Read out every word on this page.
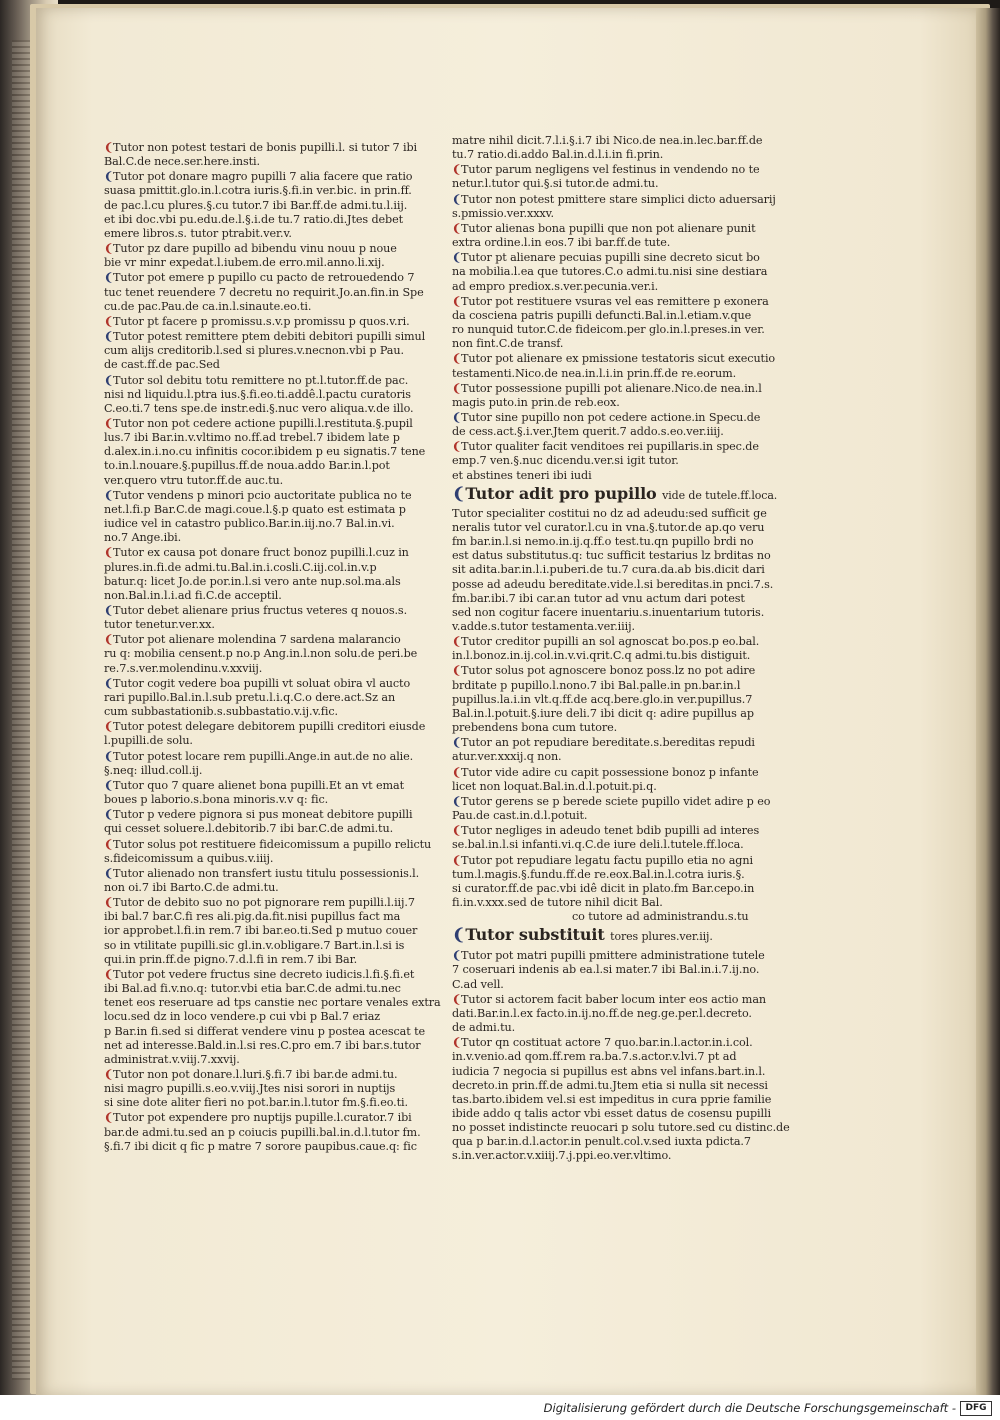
❨Tutor non potest testari de bonis pupilli.l. si tutor 7 ibi
Bal.C.de nece.ser.here.insti.
❨Tutor pot donare magro pupilli 7 alia facere que ratio
suasa pmittit.glo.in.l.cotra iuris.§.fi.in ver.bic. in prin.ff.
de pac.l.cu plures.§.cu tutor.7 ibi Bar.ff.de admi.tu.l.iij.
et ibi doc.vbi pu.edu.de.l.§.i.de tu.7 ratio.di.Jtes debet
emere libros.s. tutor ptrabit.ver.v.
❨Tutor pz dare pupillo ad bibendu vinu nouu p noue
bie vr minr expedat.l.iubem.de erro.mil.anno.li.xij.
❨Tutor pot emere p pupillo cu pacto de retrouedendo 7
tuc tenet reuendere 7 decretu no requirit.Jo.an.fin.in Spe
cu.de pac.Pau.de ca.in.l.sinaute.eo.ti.
❨Tutor pt facere p promissu.s.v.p promissu p quos.v.ri.
❨Tutor potest remittere ptem debiti debitori pupilli simul
cum alijs creditorib.l.sed si plures.v.necnon.vbi p Pau.
de cast.ff.de pac.Sed
❨Tutor sol debitu totu remittere no pt.l.tutor.ff.de pac.
nisi nd liquidu.l.ptra ius.§.fi.eo.ti.addê.l.pactu curatoris
C.eo.ti.7 tens spe.de instr.edi.§.nuc vero aliqua.v.de illo.
❨Tutor non pot cedere actione pupilli.l.restituta.§.pupil
lus.7 ibi Bar.in.v.vltimo no.ff.ad trebel.7 ibidem late p
d.alex.in.i.no.cu infinitis cocor.ibidem p eu signatis.7 tene
to.in.l.nouare.§.pupillus.ff.de noua.addo Bar.in.l.pot
ver.quero vtru tutor.ff.de auc.tu.
❨Tutor vendens p minori pcio auctoritate publica no te
net.l.fi.p Bar.C.de magi.coue.l.§.p quato est estimata p
iudice vel in catastro publico.Bar.in.iij.no.7 Bal.in.vi.
no.7 Ange.ibi.
❨Tutor ex causa pot donare fruct bonoz pupilli.l.cuz in
plures.in.fi.de admi.tu.Bal.in.i.cosli.C.iij.col.in.v.p
batur.q: licet Jo.de por.in.l.si vero ante nup.sol.ma.als
non.Bal.in.l.i.ad fi.C.de acceptil.
❨Tutor debet alienare prius fructus veteres q nouos.s.
tutor tenetur.ver.xx.
❨Tutor pot alienare molendina 7 sardena malarancio
ru q: mobilia censent.p no.p Ang.in.l.non solu.de peri.be
re.7.s.ver.molendinu.v.xxviij.
❨Tutor cogit vedere boa pupilli vt soluat obira vl aucto
rari pupillo.Bal.in.l.sub pretu.l.i.q.C.o dere.act.Sz an
cum subbastationib.s.subbastatio.v.ij.v.fic.
❨Tutor potest delegare debitorem pupilli creditori eiusde
l.pupilli.de solu.
❨Tutor potest locare rem pupilli.Ange.in aut.de no alie.
§.neq: illud.coll.ij.
❨Tutor quo 7 quare alienet bona pupilli.Et an vt emat
boues p laborio.s.bona minoris.v.v q: fic.
❨Tutor p vedere pignora si pus moneat debitore pupilli
qui cesset soluere.l.debitorib.7 ibi bar.C.de admi.tu.
❨Tutor solus pot restituere fideicomissum a pupillo relictu
s.fideicomissum a quibus.v.iiij.
❨Tutor alienado non transfert iustu titulu possessionis.l.
non oi.7 ibi Barto.C.de admi.tu.
❨Tutor de debito suo no pot pignorare rem pupilli.l.iij.7
ibi bal.7 bar.C.fi res ali.pig.da.fit.nisi pupillus fact ma
ior approbet.l.fi.in rem.7 ibi bar.eo.ti.Sed p mutuo couer
so in vtilitate pupilli.sic gl.in.v.obligare.7 Bart.in.l.si is
qui.in prin.ff.de pigno.7.d.l.fi in rem.7 ibi Bar.
❨Tutor pot vedere fructus sine decreto iudicis.l.fi.§.fi.et
ibi Bal.ad fi.v.no.q: tutor.vbi etia bar.C.de admi.tu.nec
tenet eos reseruare ad tps canstie nec portare venales extra
locu.sed dz in loco vendere.p cui vbi p Bal.7 eriaz
p Bar.in fi.sed si differat vendere vinu p postea acescat te
net ad interesse.Bald.in.l.si res.C.pro em.7 ibi bar.s.tutor
administrat.v.viij.7.xxvij.
❨Tutor non pot donare.l.luri.§.fi.7 ibi bar.de admi.tu.
nisi magro pupilli.s.eo.v.viij.Jtes nisi sorori in nuptijs
si sine dote aliter fieri no pot.bar.in.l.tutor fm.§.fi.eo.ti.
❨Tutor pot expendere pro nuptijs pupille.l.curator.7 ibi
bar.de admi.tu.sed an p coiucis pupilli.bal.in.d.l.tutor fm.
§.fi.7 ibi dicit q fic p matre 7 sorore paupibus.caue.q: fic
matre nihil dicit.7.l.i.§.i.7 ibi Nico.de nea.in.lec.bar.ff.de
tu.7 ratio.di.addo Bal.in.d.l.i.in fi.prin.
❨Tutor parum negligens vel festinus in vendendo no te
netur.l.tutor qui.§.si tutor.de admi.tu.
❨Tutor non potest pmittere stare simplici dicto aduersarij
s.pmissio.ver.xxxv.
❨Tutor alienas bona pupilli que non pot alienare punit
extra ordine.l.in eos.7 ibi bar.ff.de tute.
❨Tutor pt alienare pecuias pupilli sine decreto sicut bo
na mobilia.l.ea que tutores.C.o admi.tu.nisi sine destiara
ad empro prediox.s.ver.pecunia.ver.i.
❨Tutor pot restituere vsuras vel eas remittere p exonera
da cosciena patris pupilli defuncti.Bal.in.l.etiam.v.que
ro nunquid tutor.C.de fideicom.per glo.in.l.preses.in ver.
non fint.C.de transf.
❨Tutor pot alienare ex pmissione testatoris sicut executio
testamenti.Nico.de nea.in.l.i.in prin.ff.de re.eorum.
❨Tutor possessione pupilli pot alienare.Nico.de nea.in.l
magis puto.in prin.de reb.eox.
❨Tutor sine pupillo non pot cedere actione.in Specu.de
de cess.act.§.i.ver.Jtem querit.7 addo.s.eo.ver.iiij.
❨Tutor qualiter facit venditoes rei pupillaris.in spec.de
emp.7 ven.§.nuc dicendu.ver.si igit tutor.
et abstines teneri ibi iudi
❨Tutor adit pro pupillo vide de tutele.ff.loca.
Tutor specialiter costitui no dz ad adeudu:sed sufficit ge
neralis tutor vel curator.l.cu in vna.§.tutor.de ap.qo veru
fm bar.in.l.si nemo.in.ij.q.ff.o test.tu.qn pupillo brdi no
est datus substitutus.q: tuc sufficit testarius lz brditas no
sit adita.bar.in.l.i.puberi.de tu.7 cura.da.ab bis.dicit dari
posse ad adeudu bereditate.vide.l.si bereditas.in pnci.7.s.
fm.bar.ibi.7 ibi car.an tutor ad vnu actum dari potest
sed non cogitur facere inuentariu.s.inuentarium tutoris.
v.adde.s.tutor testamenta.ver.iiij.
❨Tutor creditor pupilli an sol agnoscat bo.pos.p eo.bal.
in.l.bonoz.in.ij.col.in.v.vi.qrit.C.q admi.tu.bis distiguit.
❨Tutor solus pot agnoscere bonoz poss.lz no pot adire
brditate p pupillo.l.nono.7 ibi Bal.palle.in pn.bar.in.l
pupillus.la.i.in vlt.q.ff.de acq.bere.glo.in ver.pupillus.7
Bal.in.l.potuit.§.iure deli.7 ibi dicit q: adire pupillus ap
prebendens bona cum tutore.
❨Tutor an pot repudiare bereditate.s.bereditas repudi
atur.ver.xxxij.q non.
❨Tutor vide adire cu capit possessione bonoz p infante
licet non loquat.Bal.in.d.l.potuit.pi.q.
❨Tutor gerens se p berede sciete pupillo videt adire p eo
Pau.de cast.in.d.l.potuit.
❨Tutor negliges in adeudo tenet bdib pupilli ad interes
se.bal.in.l.si infanti.vi.q.C.de iure deli.l.tutele.ff.loca.
❨Tutor pot repudiare legatu factu pupillo etia no agni
tum.l.magis.§.fundu.ff.de re.eox.Bal.in.l.cotra iuris.§.
si curator.ff.de pac.vbi idê dicit in plato.fm Bar.cepo.in
fi.in.v.xxx.sed de tutore nihil dicit Bal.
co tutore ad administrandu.s.tu
❨Tutor substituit tores plures.ver.iij.
❨Tutor pot matri pupilli pmittere administratione tutele
7 coseruari indenis ab ea.l.si mater.7 ibi Bal.in.i.7.ij.no.
C.ad vell.
❨Tutor si actorem facit baber locum inter eos actio man
dati.Bar.in.l.ex facto.in.ij.no.ff.de neg.ge.per.l.decreto.
de admi.tu.
❨Tutor qn costituat actore 7 quo.bar.in.l.actor.in.i.col.
in.v.venio.ad qom.ff.rem ra.ba.7.s.actor.v.lvi.7 pt ad
iudicia 7 negocia si pupillus est abns vel infans.bart.in.l.
decreto.in prin.ff.de admi.tu.Jtem etia si nulla sit necessi
tas.barto.ibidem vel.si est impeditus in cura pprie familie
ibide addo q talis actor vbi esset datus de cosensu pupilli
no posset indistincte reuocari p solu tutore.sed cu distinc.de
qua p bar.in.d.l.actor.in penult.col.v.sed iuxta pdicta.7
s.in.ver.actor.v.xiiij.7.j.ppi.eo.ver.vltimo.
Digitalisierung gefördert durch die Deutsche Forschungsgemeinschaft -	DFG
